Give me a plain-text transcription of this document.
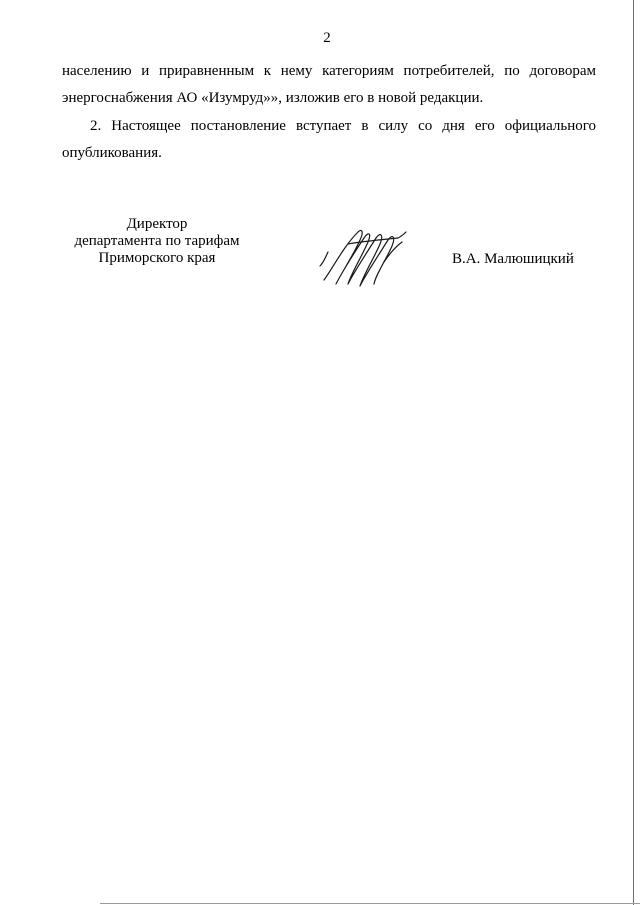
2
населению и приравненным к нему категориям потребителей, по договорам энергоснабжения АО «Изумруд»», изложив его в новой редакции.
2. Настоящее постановление вступает в силу со дня его официального опубликования.
Директор
департамента по тарифам
Приморского края	В.А. Малюшицкий
